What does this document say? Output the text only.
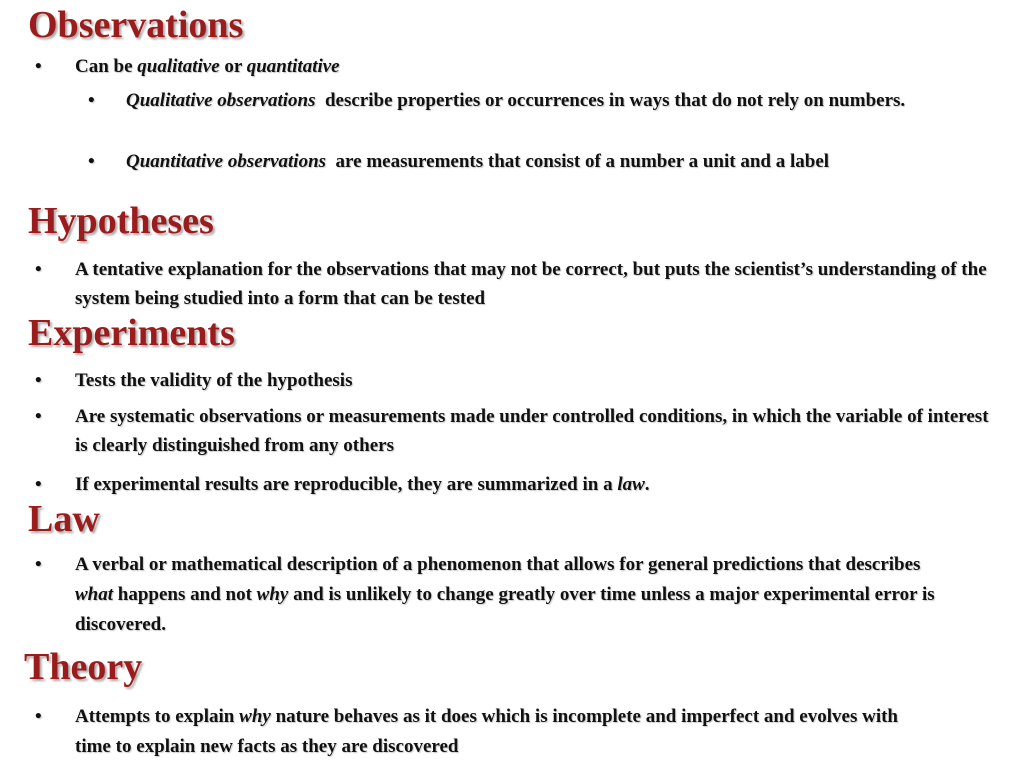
Observations
• Can be qualitative or quantitative
• Qualitative observations  describe properties or occurrences in ways that do not rely on numbers.
• Quantitative observations  are measurements that consist of a number a unit and a label
Hypotheses
• A tentative explanation for the observations that may not be correct, but puts the scientist’s understanding of the system being studied into a form that can be tested
Experiments
• Tests the validity of the hypothesis
• Are systematic observations or measurements made under controlled conditions, in which the variable of interest is clearly distinguished from any others
• If experimental results are reproducible, they are summarized in a law.
Law
• A verbal or mathematical description of a phenomenon that allows for general predictions that describes what happens and not why and is unlikely to change greatly over time unless a major experimental error is discovered.
Theory
• Attempts to explain why nature behaves as it does which is incomplete and imperfect and evolves with time to explain new facts as they are discovered
